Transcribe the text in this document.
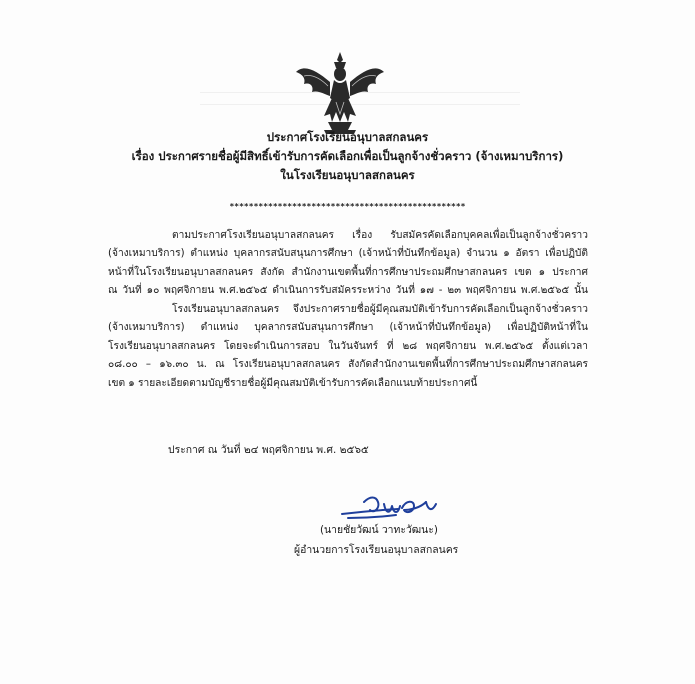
ประกาศโรงเรียนอนุบาลสกลนคร
เรื่อง ประกาศรายชื่อผู้มีสิทธิ์เข้ารับการคัดเลือกเพื่อเป็นลูกจ้างชั่วคราว (จ้างเหมาบริการ)
ในโรงเรียนอนุบาลสกลนคร
*************************************************
ตามประกาศโรงเรียนอนุบาลสกลนคร เรื่อง รับสมัครคัดเลือกบุคคลเพื่อเป็นลูกจ้างชั่วคราว
(จ้างเหมาบริการ) ตำแหน่ง บุคลากรสนับสนุนการศึกษา (เจ้าหน้าที่บันทึกข้อมูล) จำนวน ๑ อัตรา เพื่อปฏิบัติ
หน้าที่ในโรงเรียนอนุบาลสกลนคร สังกัด สำนักงานเขตพื้นที่การศึกษาประถมศึกษาสกลนคร เขต ๑ ประกาศ
ณ วันที่ ๑๐ พฤศจิกายน พ.ศ.๒๕๖๕ ดำเนินการรับสมัครระหว่าง วันที่ ๑๗ - ๒๓ พฤศจิกายน พ.ศ.๒๕๖๕ นั้น
โรงเรียนอนุบาลสกลนคร จึงประกาศรายชื่อผู้มีคุณสมบัติเข้ารับการคัดเลือกเป็นลูกจ้างชั่วคราว
(จ้างเหมาบริการ) ตำแหน่ง บุคลากรสนับสนุนการศึกษา (เจ้าหน้าที่บันทึกข้อมูล) เพื่อปฏิบัติหน้าที่ใน
โรงเรียนอนุบาลสกลนคร โดยจะดำเนินการสอบ ในวันจันทร์ ที่ ๒๘ พฤศจิกายน พ.ศ.๒๕๖๕ ตั้งแต่เวลา
๐๘.๐๐ – ๑๖.๓๐ น. ณ โรงเรียนอนุบาลสกลนคร สังกัดสำนักงานเขตพื้นที่การศึกษาประถมศึกษาสกลนคร
เขต ๑ รายละเอียดตามบัญชีรายชื่อผู้มีคุณสมบัติเข้ารับการคัดเลือกแนบท้ายประกาศนี้
ประกาศ ณ วันที่ ๒๔ พฤศจิกายน พ.ศ. ๒๕๖๕
(นายชัยวัฒน์ วาทะวัฒนะ)
ผู้อำนวยการโรงเรียนอนุบาลสกลนคร
